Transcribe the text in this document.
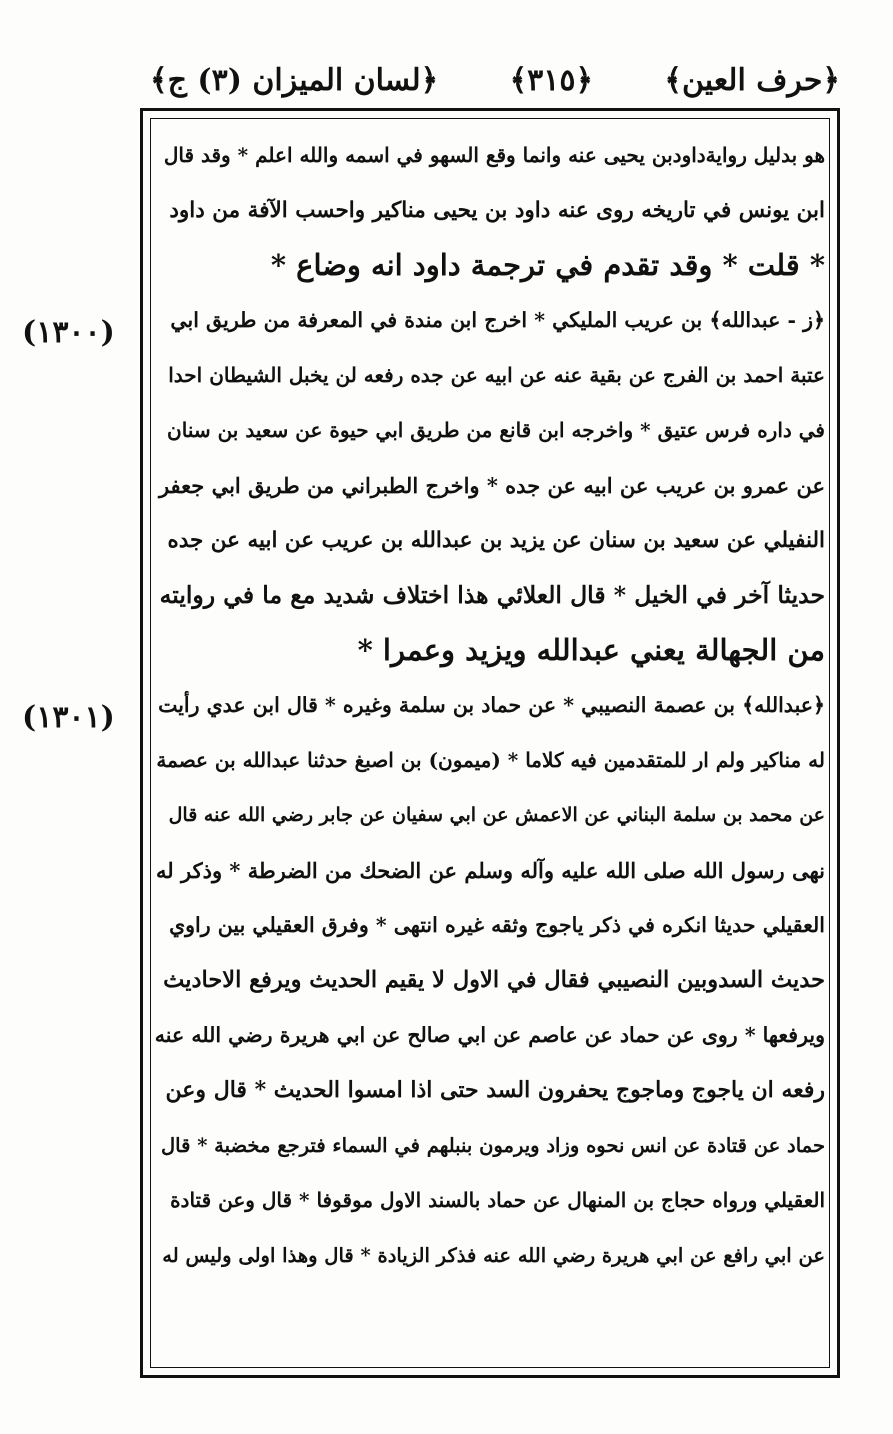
﴿حرف العين﴾
﴿٣١٥﴾
﴿لسان الميزان (٣) ج﴾
(١٣٠٠)
(١٣٠١)
هو بدليل روايةداودبن يحيى عنه وانما وقع السهو في اسمه والله اعلم * وقد قال
ابن يونس في تاريخه روى عنه داود بن يحيى مناكير واحسب الآفة من داود
* قلت * وقد تقدم في ترجمة داود انه وضاع *
﴿ز - عبدالله﴾ بن عريب المليكي * اخرج ابن مندة في المعرفة من طريق ابي
عتبة احمد بن الفرج عن بقية عنه عن ابيه عن جده رفعه لن يخبل الشيطان احدا
في داره فرس عتيق * واخرجه ابن قانع من طريق ابي حيوة عن سعيد بن سنان
عن عمرو بن عريب عن ابيه عن جده * واخرج الطبراني من طريق ابي جعفر
النفيلي عن سعيد بن سنان عن يزيد بن عبدالله بن عريب عن ابيه عن جده
حديثا آخر في الخيل * قال العلائي هذا اختلاف شديد مع ما في روايته
من الجهالة يعني عبدالله ويزيد وعمرا *
﴿عبدالله﴾ بن عصمة النصيبي * عن حماد بن سلمة وغيره * قال ابن عدي رأيت
له مناكير ولم ار للمتقدمين فيه كلاما * (ميمون) بن اصبغ حدثنا عبدالله بن عصمة
عن محمد بن سلمة البناني عن الاعمش عن ابي سفيان عن جابر رضي الله عنه قال
نهى رسول الله صلى الله عليه وآله وسلم عن الضحك من الضرطة * وذكر له
العقيلي حديثا انكره في ذكر ياجوج وثقه غيره انتهى * وفرق العقيلي بين راوي
حديث السدوبين النصيبي فقال في الاول لا يقيم الحديث ويرفع الاحاديث
ويرفعها * روى عن حماد عن عاصم عن ابي صالح عن ابي هريرة رضي الله عنه
رفعه ان ياجوج وماجوج يحفرون السد حتى اذا امسوا الحديث * قال وعن
حماد عن قتادة عن انس نحوه وزاد ويرمون بنبلهم في السماء فترجع مخضبة * قال
العقيلي ورواه حجاج بن المنهال عن حماد بالسند الاول موقوفا * قال وعن قتادة
عن ابي رافع عن ابي هريرة رضي الله عنه فذكر الزيادة * قال وهذا اولى وليس له
